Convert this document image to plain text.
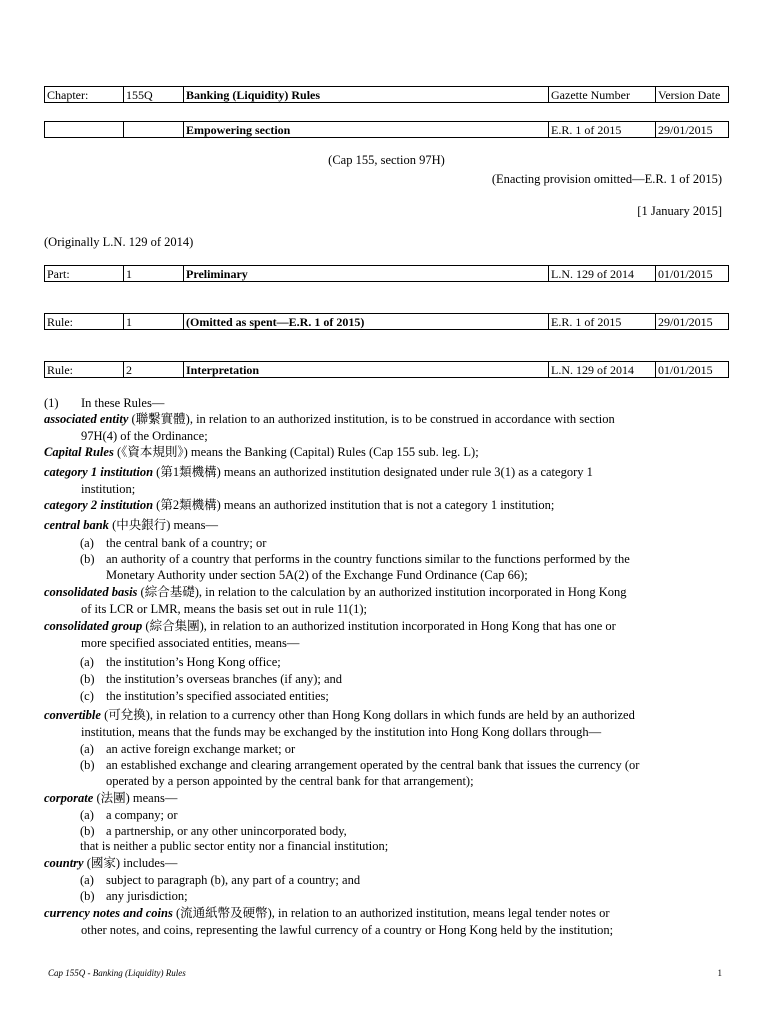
Chapter:	155Q	Banking (Liquidity) Rules	Gazette Number	Version Date
		Empowering section	E.R. 1 of 2015	29/01/2015
(Cap 155, section 97H)
(Enacting provision omitted—E.R. 1 of 2015)
[1 January 2015]
(Originally L.N. 129 of 2014)
Part:	1	Preliminary	L.N. 129 of 2014	01/01/2015
Rule:	1	(Omitted as spent—E.R. 1 of 2015)	E.R. 1 of 2015	29/01/2015
Rule:	2	Interpretation	L.N. 129 of 2014	01/01/2015
(1) In these Rules—
associated entity (聯繫實體), in relation to an authorized institution, is to be construed in accordance with section
97H(4) of the Ordinance;
Capital Rules (《資本規則》) means the Banking (Capital) Rules (Cap 155 sub. leg. L);
category 1 institution (第1類機構) means an authorized institution designated under rule 3(1) as a category 1
institution;
category 2 institution (第2類機構) means an authorized institution that is not a category 1 institution;
central bank (中央銀行) means—
(a) the central bank of a country; or
(b) an authority of a country that performs in the country functions similar to the functions performed by the
Monetary Authority under section 5A(2) of the Exchange Fund Ordinance (Cap 66);
consolidated basis (綜合基礎), in relation to the calculation by an authorized institution incorporated in Hong Kong
of its LCR or LMR, means the basis set out in rule 11(1);
consolidated group (綜合集團), in relation to an authorized institution incorporated in Hong Kong that has one or
more specified associated entities, means—
(a) the institution’s Hong Kong office;
(b) the institution’s overseas branches (if any); and
(c) the institution’s specified associated entities;
convertible (可兌換), in relation to a currency other than Hong Kong dollars in which funds are held by an authorized
institution, means that the funds may be exchanged by the institution into Hong Kong dollars through—
(a) an active foreign exchange market; or
(b) an established exchange and clearing arrangement operated by the central bank that issues the currency (or
operated by a person appointed by the central bank for that arrangement);
corporate (法團) means—
(a) a company; or
(b) a partnership, or any other unincorporated body,
that is neither a public sector entity nor a financial institution;
country (國家) includes—
(a) subject to paragraph (b), any part of a country; and
(b) any jurisdiction;
currency notes and coins (流通紙幣及硬幣), in relation to an authorized institution, means legal tender notes or
other notes, and coins, representing the lawful currency of a country or Hong Kong held by the institution;
Cap 155Q - Banking (Liquidity) Rules	1
